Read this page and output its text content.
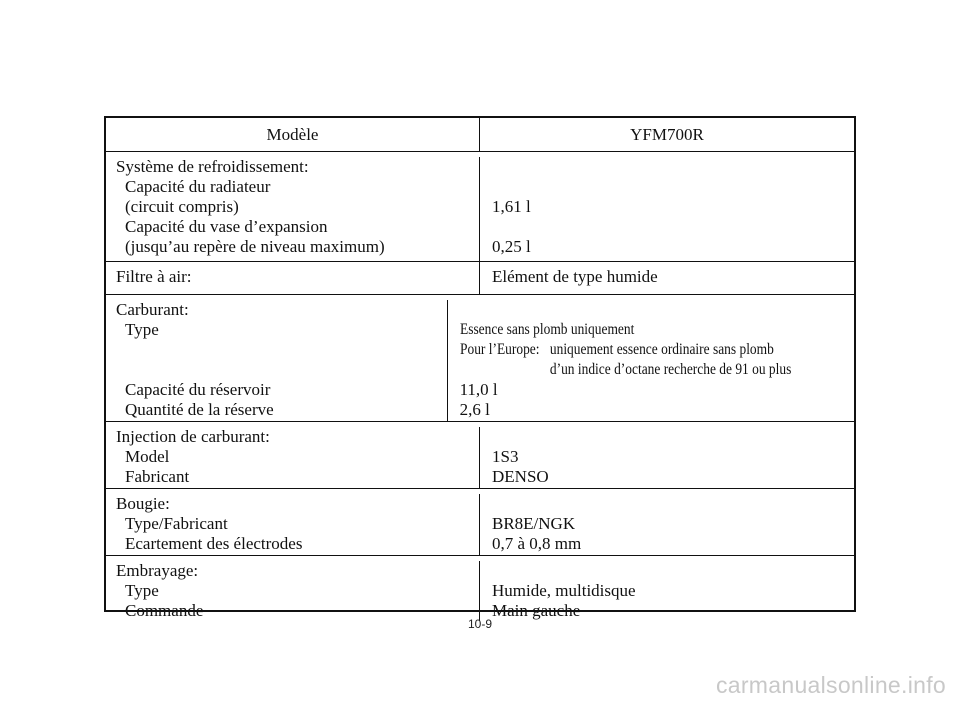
Modèle	YFM700R
Système de refroidissement:
Capacité du radiateur
(circuit compris)
Capacité du vase d’expansion
(jusqu’au repère de niveau maximum)
1,61 l
0,25 l
Filtre à air:	Elément de type humide
Carburant:
Type
Capacité du réservoir
Quantité de la réserve
Essence sans plomb uniquement
Pour l’Europe: uniquement essence ordinaire sans plomb
d’un indice d’octane recherche de 91 ou plus
11,0 l
2,6 l
Injection de carburant:
Model
Fabricant
1S3
DENSO
Bougie:
Type/Fabricant
Ecartement des électrodes
BR8E/NGK
0,7 à 0,8 mm
Embrayage:
Type
Commande
Humide, multidisque
Main gauche
10-9
carmanualsonline.info
